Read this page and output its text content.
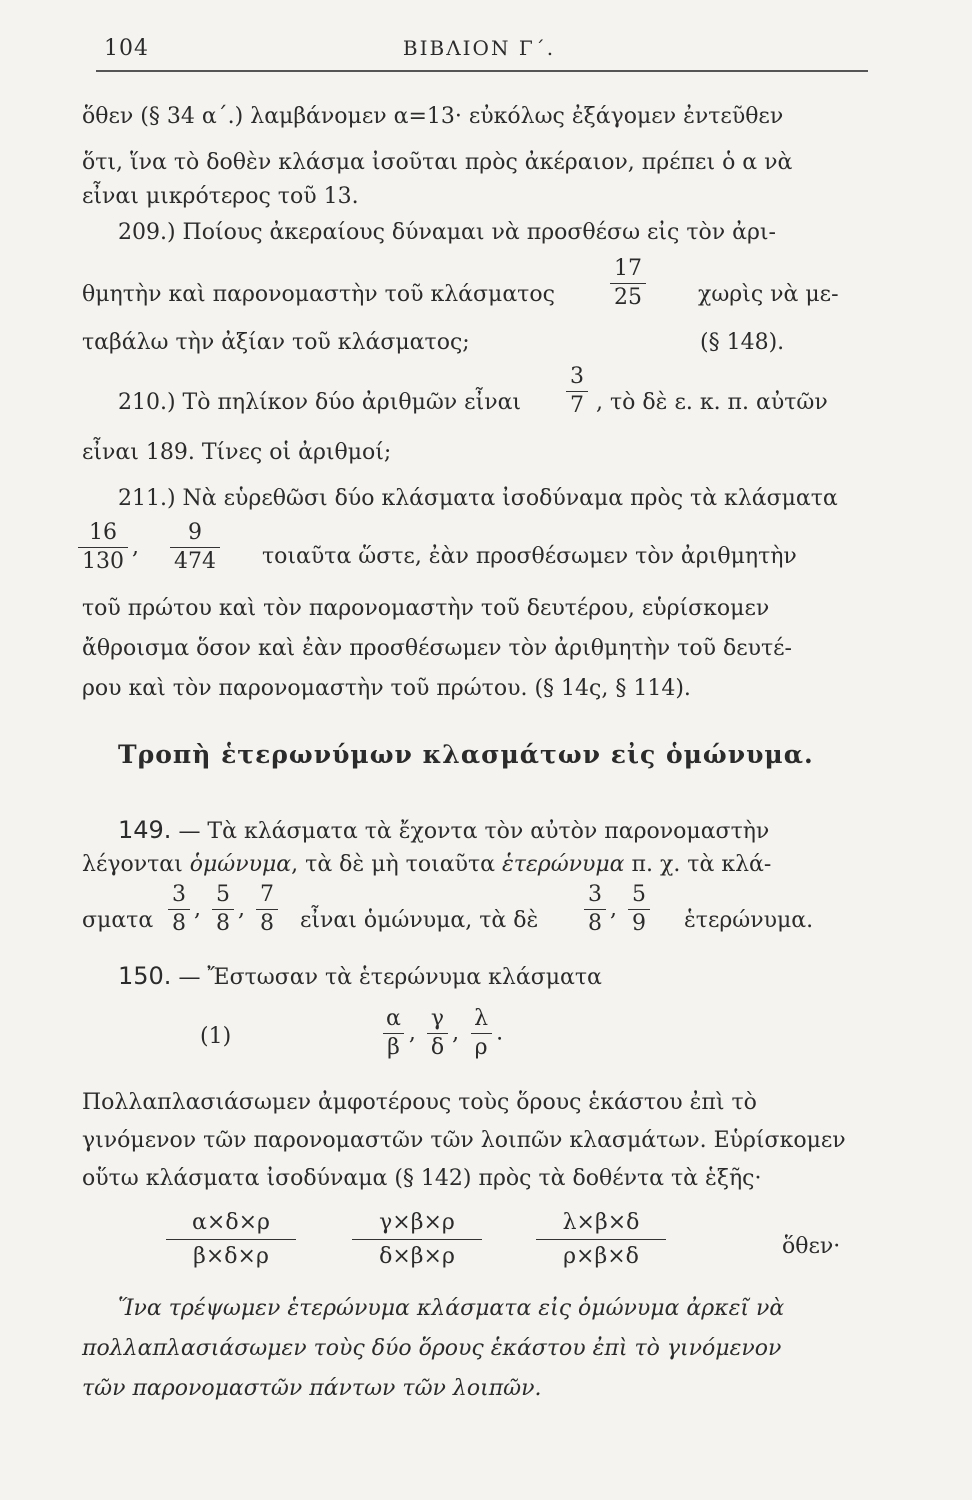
104	ΒΙΒΛΙΟΝ Γ΄.
ὅθεν (§ 34 α΄.) λαμβάνομεν α=13· εὐκόλως ἐξάγομεν ἐντεῦθεν
ὅτι, ἵνα τὸ δοθὲν κλάσμα ἰσοῦται πρὸς ἀκέραιον, πρέπει ὁ α νὰ
εἶναι μικρότερος τοῦ 13.
209.) Ποίους ἀκεραίους δύναμαι νὰ προσθέσω εἰς τὸν ἀρι-
θμητὴν καὶ παρονομαστὴν τοῦ κλάσματος	$\frac{17}{25}$ χωρὶς νὰ με-
ταβάλω τὴν ἀξίαν τοῦ κλάσματος;	(§ 148).
210.) Τὸ πηλίκον δύο ἀριθμῶν εἶναι $\frac{3}{7}$ , τὸ δὲ ε. κ. π. αὐτῶν
εἶναι 189. Τίνες οἱ ἀριθμοί;
211.) Νὰ εὑρεθῶσι δύο κλάσματα ἰσοδύναμα πρὸς τὰ κλάσματα
$\frac{16}{130}$ , $\frac{9}{474}$ τοιαῦτα ὥστε, ἐὰν προσθέσωμεν τὸν ἀριθμητὴν
τοῦ πρώτου καὶ τὸν παρονομαστὴν τοῦ δευτέρου, εὑρίσκομεν
ἄθροισμα ὅσον καὶ ἐὰν προσθέσωμεν τὸν ἀριθμητὴν τοῦ δευτέ-
ρου καὶ τὸν παρονομαστὴν τοῦ πρώτου. (§ 14ς, § 114).
Τροπὴ ἑτερωνύμων κλασμάτων εἰς ὁμώνυμα.
149. — Τὰ κλάσματα τὰ ἔχοντα τὸν αὐτὸν παρονομαστὴν
λέγονται ὁμώνυμα, τὰ δὲ μὴ τοιαῦτα ἑτερώνυμα π. χ. τὰ κλά-
σματα $\frac{3}{8}$ , $\frac{5}{8}$ , $\frac{7}{8}$ εἶναι ὁμώνυμα, τὰ δὲ $\frac{3}{8}$ , $\frac{5}{9}$ ἑτερώνυμα.
150. — Ἔστωσαν τὰ ἑτερώνυμα κλάσματα
(1)	$\frac{\alpha}{\beta}$ , $\frac{\gamma}{\delta}$ , $\frac{\lambda}{\rho}$ .
Πολλαπλασιάσωμεν ἀμφοτέρους τοὺς ὅρους ἑκάστου ἐπὶ τὸ
γινόμενον τῶν παρονομαστῶν τῶν λοιπῶν κλασμάτων. Εὑρίσκομεν
οὕτω κλάσματα ἰσοδύναμα (§ 142) πρὸς τὰ δοθέντα τὰ ἑξῆς·
α×δ×ρ
β×δ×ρ
γ×β×ρ
δ×β×ρ
λ×β×δ
ρ×β×δ	ὅθεν·
Ἵνα τρέψωμεν ἑτερώνυμα κλάσματα εἰς ὁμώνυμα ἀρκεῖ νὰ
πολλαπλασιάσωμεν τοὺς δύο ὅρους ἑκάστου ἐπὶ τὸ γινόμενον
τῶν παρονομαστῶν πάντων τῶν λοιπῶν.
